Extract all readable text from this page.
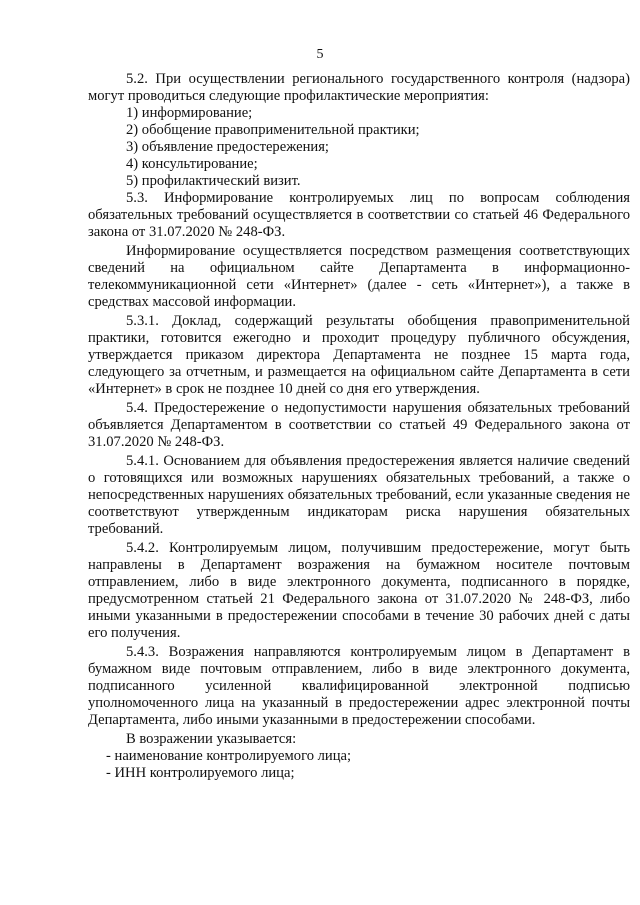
5

5.2. При осуществлении регионального государственного контроля (надзора) могут проводиться следующие профилактические мероприятия:

1) информирование;

2) обобщение правоприменительной практики;

3) объявление предостережения;

4) консультирование;

5) профилактический визит.

5.3. Информирование контролируемых лиц по вопросам соблюдения обязательных требований осуществляется в соответствии со статьей 46 Федерального закона от 31.07.2020 № 248-ФЗ.

Информирование осуществляется посредством размещения соответствующих сведений на официальном сайте Департамента в информационно-телекоммуникационной сети «Интернет» (далее - сеть «Интернет»), а также в средствах массовой информации.

5.3.1. Доклад, содержащий результаты обобщения правоприменительной практики, готовится ежегодно и проходит процедуру публичного обсуждения, утверждается приказом директора Департамента не позднее 15 марта года, следующего за отчетным, и размещается на официальном сайте Департамента в сети «Интернет» в срок не позднее 10 дней со дня его утверждения.

5.4. Предостережение о недопустимости нарушения обязательных требований объявляется Департаментом в соответствии со статьей 49 Федерального закона от 31.07.2020 № 248-ФЗ.

5.4.1. Основанием для объявления предостережения является наличие сведений о готовящихся или возможных нарушениях обязательных требований, а также о непосредственных нарушениях обязательных требований, если указанные сведения не соответствуют утвержденным индикаторам риска нарушения обязательных требований.

5.4.2. Контролируемым лицом, получившим предостережение, могут быть направлены в Департамент возражения на бумажном носителе почтовым отправлением, либо в виде электронного документа, подписанного в порядке, предусмотренном статьей 21 Федерального закона от 31.07.2020 № 248-ФЗ, либо иными указанными в предостережении способами в течение 30 рабочих дней с даты его получения.

5.4.3. Возражения направляются контролируемым лицом в Департамент в бумажном виде почтовым отправлением, либо в виде электронного документа, подписанного усиленной квалифицированной электронной подписью уполномоченного лица на указанный в предостережении адрес электронной почты Департамента, либо иными указанными в предостережении способами.

В возражении указывается:

- наименование контролируемого лица;

- ИНН контролируемого лица;
